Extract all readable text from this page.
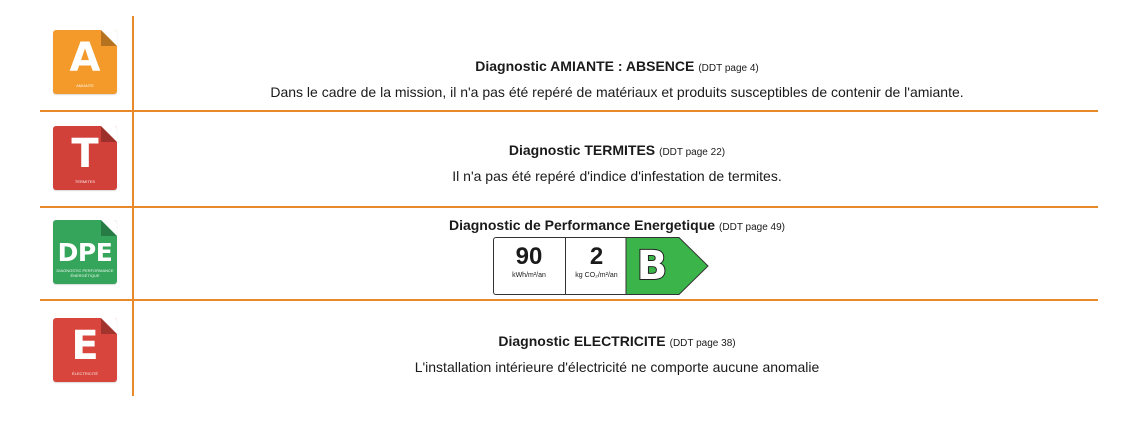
A
AMIANTE
Diagnostic AMIANTE : ABSENCE (DDT page 4)
Dans le cadre de la mission, il n'a pas été repéré de matériaux et produits susceptibles de contenir de l'amiante.
T
TERMITES
Diagnostic TERMITES (DDT page 22)
Il n'a pas été repéré d'indice d'infestation de termites.
DPE
DIAGNOSTIC PERFORMANCE ÉNERGÉTIQUE
Diagnostic de Performance Energetique (DDT page 49)
90
kWh/m²/an
2
kg CO₂/m²/an B
E
ÉLECTRICITÉ
Diagnostic ELECTRICITE (DDT page 38)
L'installation intérieure d'électricité ne comporte aucune anomalie
